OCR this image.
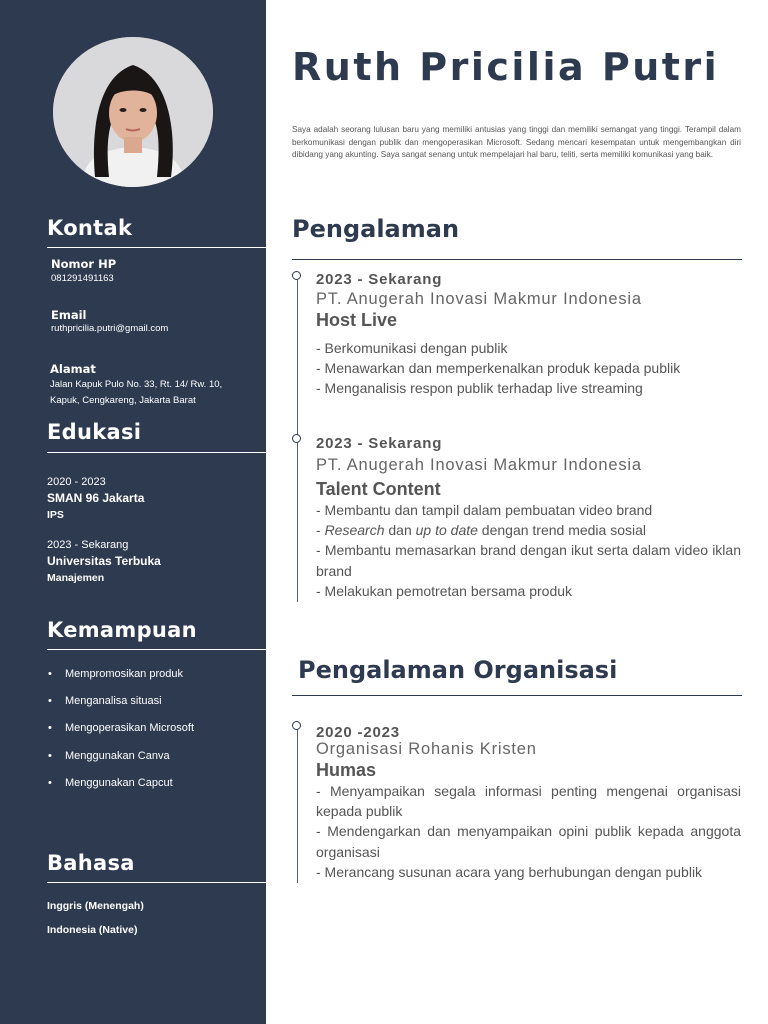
Kontak
Nomor HP
081291491163
Email
ruthpricilia.putri@gmail.com
Alamat
Jalan Kapuk Pulo No. 33, Rt. 14/ Rw. 10,
Kapuk, Cengkareng, Jakarta Barat
Edukasi
2020 - 2023
SMAN 96 Jakarta
IPS
2023 - Sekarang
Universitas Terbuka
Manajemen
Kemampuan
• Mempromosikan produk
• Menganalisa situasi
• Mengoperasikan Microsoft
• Menggunakan Canva
• Menggunakan Capcut
Bahasa
Inggris (Menengah)
Indonesia (Native)
Ruth Pricilia Putri
Saya adalah seorang lulusan baru yang memiliki antusias yang tinggi dan memiliki semangat yang tinggi. Terampil dalam berkomunikasi dengan publik dan mengoperasikan Microsoft. Sedang mencari kesempatan untuk mengembangkan diri dibidang yang akunting. Saya sangat senang untuk mempelajari hal baru, teliti, serta memiliki komunikasi yang baik.
Pengalaman
2023 - Sekarang
PT. Anugerah Inovasi Makmur Indonesia
Host Live
- Berkomunikasi dengan publik
- Menawarkan dan memperkenalkan produk kepada publik
- Menganalisis respon publik terhadap live streaming
2023 - Sekarang
PT. Anugerah Inovasi Makmur Indonesia
Talent Content
- Membantu dan tampil dalam pembuatan video brand
- Research dan up to date dengan trend media sosial
- Membantu memasarkan brand dengan ikut serta dalam video iklan brand
- Melakukan pemotretan bersama produk
Pengalaman Organisasi
2020 -2023
Organisasi Rohanis Kristen
Humas
- Menyampaikan segala informasi penting mengenai organisasi kepada publik
- Mendengarkan dan menyampaikan opini publik kepada anggota organisasi
- Merancang susunan acara yang berhubungan dengan publik
